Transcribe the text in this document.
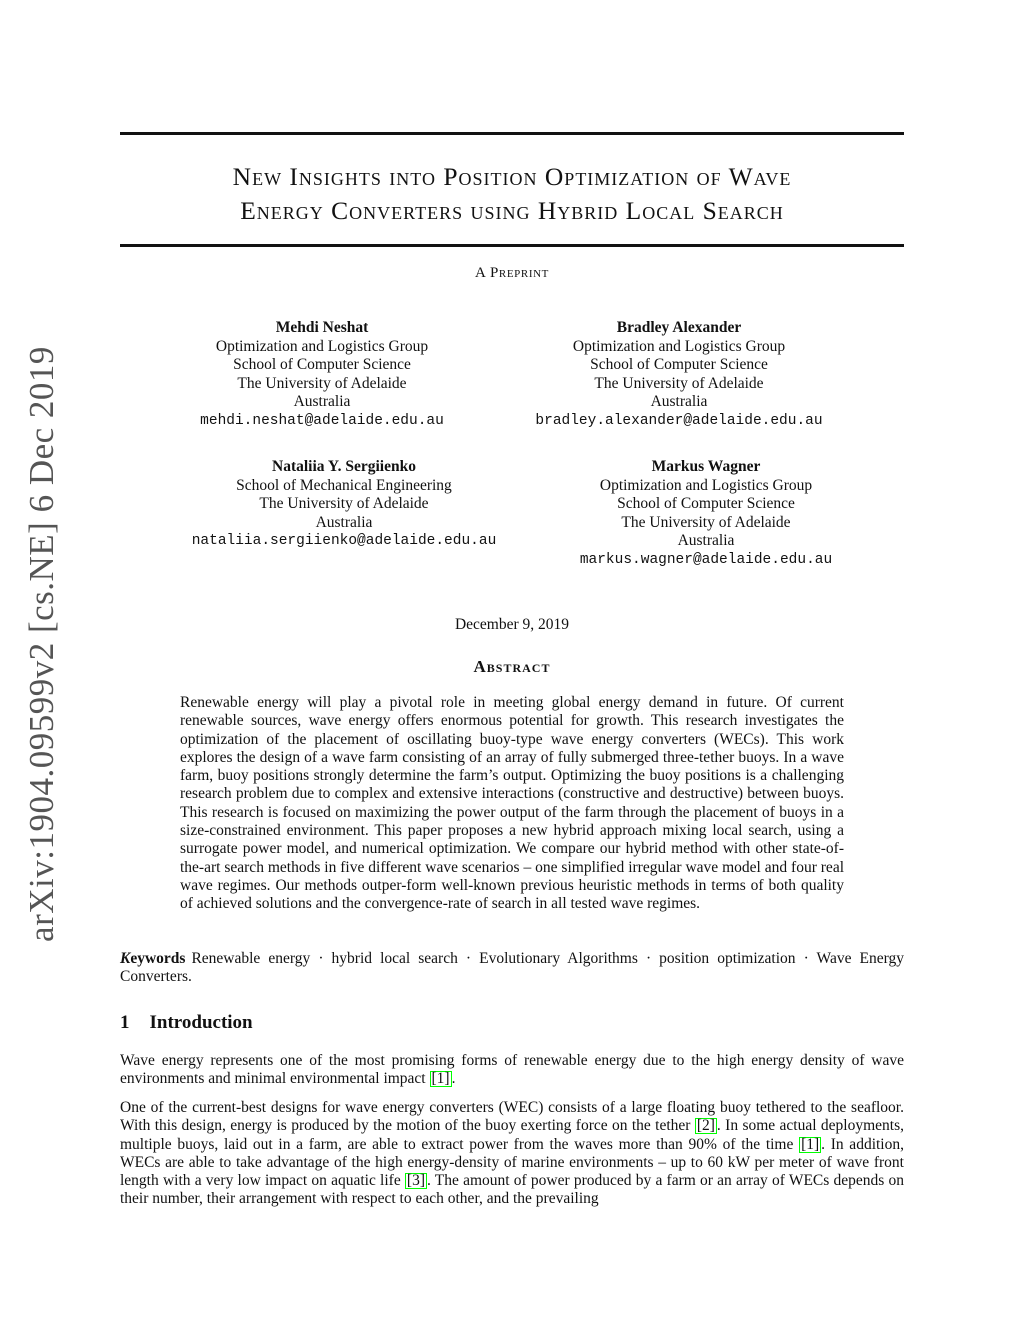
arXiv:1904.09599v2 [cs.NE] 6 Dec 2019
New Insights into Position Optimization of Wave
Energy Converters using Hybrid Local Search
A Preprint
Mehdi Neshat
Optimization and Logistics Group
School of Computer Science
The University of Adelaide
Australia
mehdi.neshat@adelaide.edu.au
Bradley Alexander
Optimization and Logistics Group
School of Computer Science
The University of Adelaide
Australia
bradley.alexander@adelaide.edu.au
Nataliia Y. Sergiienko
School of Mechanical Engineering
The University of Adelaide
Australia
nataliia.sergiienko@adelaide.edu.au
Markus Wagner
Optimization and Logistics Group
School of Computer Science
The University of Adelaide
Australia
markus.wagner@adelaide.edu.au
December 9, 2019
Abstract

Renewable energy will play a pivotal role in meeting global energy demand in future. Of current renewable sources, wave energy offers enormous potential for growth. This research investigates the optimization of the placement of oscillating buoy-type wave energy converters (WECs). This work explores the design of a wave farm consisting of an array of fully submerged three-tether buoys. In a wave farm, buoy positions strongly determine the farm’s output. Optimizing the buoy positions is a challenging research problem due to complex and extensive interactions (constructive and destructive) between buoys. This research is focused on maximizing the power output of the farm through the placement of buoys in a size-constrained environment. This paper proposes a new hybrid approach mixing local search, using a surrogate power model, and numerical optimization. We compare our hybrid method with other state-of-the-art search methods in five different wave scenarios – one simplified irregular wave model and four real wave regimes. Our methods outper-form well-known previous heuristic methods in terms of both quality of achieved solutions and the convergence-rate of search in all tested wave regimes.

Keywords Renewable energy · hybrid local search · Evolutionary Algorithms · position optimization · Wave Energy Converters.
1 Introduction

Wave energy represents one of the most promising forms of renewable energy due to the high energy density of wave environments and minimal environmental impact [1] .

One of the current-best designs for wave energy converters (WEC) consists of a large floating buoy tethered to the seafloor. With this design, energy is produced by the motion of the buoy exerting force on the tether [2] . In some actual deployments, multiple buoys, laid out in a farm, are able to extract power from the waves more than 90% of the time [1] . In addition, WECs are able to take advantage of the high energy-density of marine environments – up to 60 kW per meter of wave front length with a very low impact on aquatic life [3] . The amount of power produced by a farm or an array of WECs depends on their number, their arrangement with respect to each other, and the prevailing
